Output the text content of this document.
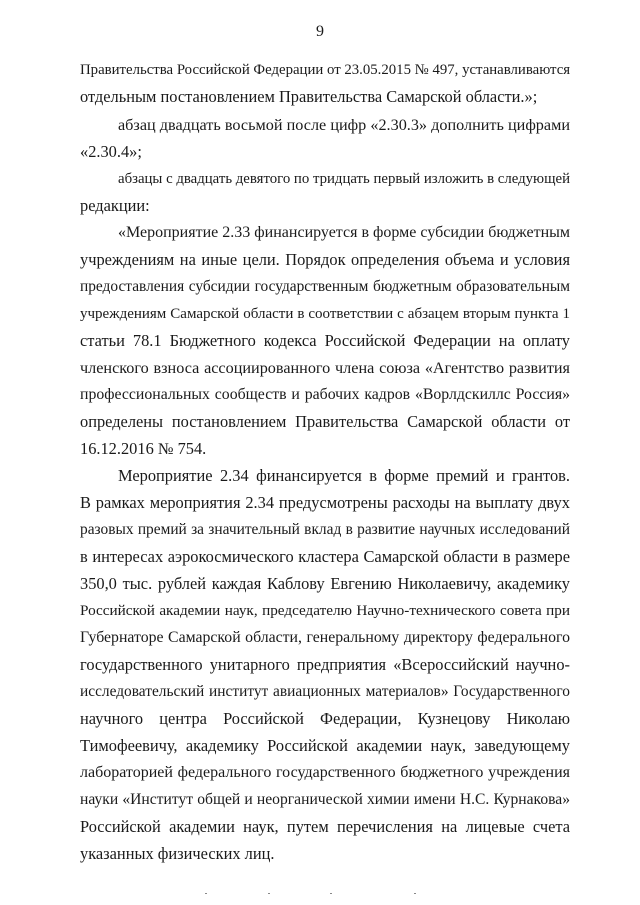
9

Правительства Российской Федерации от 23.05.2015 № 497, устанавливаются

отдельным постановлением Правительства Самарской области.»;

абзац двадцать восьмой после цифр «2.30.3» дополнить цифрами

«2.30.4»;

абзацы с двадцать девятого по тридцать первый изложить в следующей

редакции:

«Мероприятие 2.33 финансируется в форме субсидии бюджетным

учреждениям на иные цели. Порядок определения объема и условия

предоставления субсидии государственным бюджетным образовательным

учреждениям Самарской области в соответствии с абзацем вторым пункта 1

статьи 78.1 Бюджетного кодекса Российской Федерации на оплату

членского взноса ассоциированного члена союза «Агентство развития

профессиональных сообществ и рабочих кадров «Ворлдскиллс Россия»

определены постановлением Правительства Самарской области от

16.12.2016 № 754.

Мероприятие 2.34 финансируется в форме премий и грантов.

В рамках мероприятия 2.34 предусмотрены расходы на выплату двух

разовых премий за значительный вклад в развитие научных исследований

в интересах аэрокосмического кластера Самарской области в размере

350,0 тыс. рублей каждая Каблову Евгению Николаевичу, академику

Российской академии наук, председателю Научно-технического совета при

Губернаторе Самарской области, генеральному директору федерального

государственного унитарного предприятия «Всероссийский научно-

исследовательский институт авиационных материалов» Государственного

научного центра Российской Федерации, Кузнецову Николаю

Тимофеевичу, академику Российской академии наук, заведующему

лабораторией федерального государственного бюджетного учреждения

науки «Институт общей и неорганической химии имени Н.С. Курнакова»

Российской академии наук, путем перечисления на лицевые счета

указанных физических лиц.
